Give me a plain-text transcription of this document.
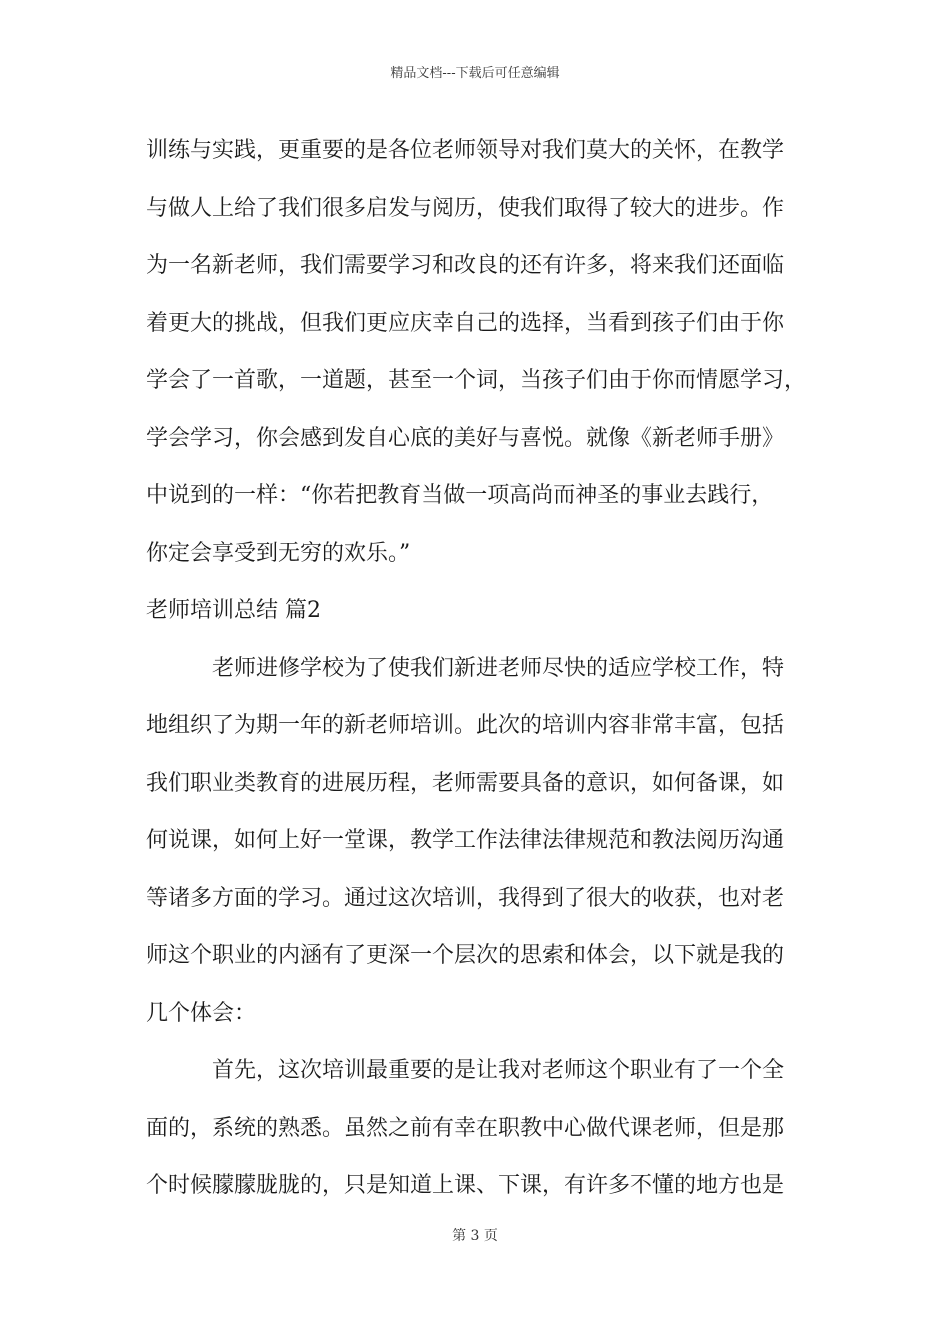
精品文档---下载后可任意编辑
训练与实践，更重要的是各位老师领导对我们莫大的关怀，在教学
与做人上给了我们很多启发与阅历，使我们取得了较大的进步。作
为一名新老师，我们需要学习和改良的还有许多，将来我们还面临
着更大的挑战，但我们更应庆幸自己的选择，当看到孩子们由于你
学会了一首歌，一道题，甚至一个词，当孩子们由于你而情愿学习，
学会学习，你会感到发自心底的美好与喜悦。就像《新老师手册》
中说到的一样：“你若把教育当做一项高尚而神圣的事业去践行，
你定会享受到无穷的欢乐。”
老师培训总结 篇2
老师进修学校为了使我们新进老师尽快的适应学校工作，特
地组织了为期一年的新老师培训。此次的培训内容非常丰富，包括
我们职业类教育的进展历程，老师需要具备的意识，如何备课，如
何说课，如何上好一堂课，教学工作法律法律规范和教法阅历沟通
等诸多方面的学习。通过这次培训，我得到了很大的收获，也对老
师这个职业的内涵有了更深一个层次的思索和体会，以下就是我的
几个体会：
首先，这次培训最重要的是让我对老师这个职业有了一个全
面的，系统的熟悉。虽然之前有幸在职教中心做代课老师，但是那
个时候朦朦胧胧的，只是知道上课、下课，有许多不懂的地方也是
第 3 页
